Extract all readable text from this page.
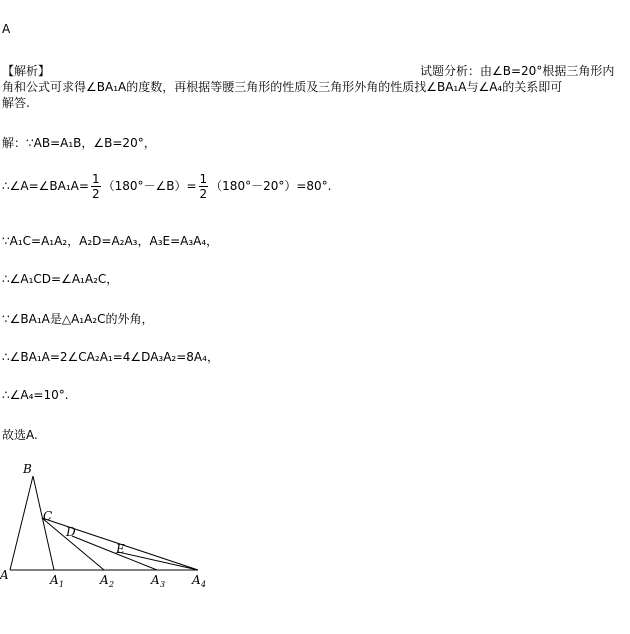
A
【解析】	试题分析：由∠B=20°根据三角形内
角和公式可求得∠BA₁A的度数，再根据等腰三角形的性质及三角形外角的性质找∠BA₁A与∠A₄的关系即可
解答.
解：∵AB=A₁B，∠B=20°，
∴∠A=∠BA₁A= $\frac{1}{2}$ （180°－∠B）= $\frac{1}{2} (180^\circ-20^\circ)=80^\circ$.
∵A₁C=A₁A₂，A₂D=A₂A₃，A₃E=A₃A₄，
∴∠A₁CD=∠A₁A₂C，
∵∠BA₁A是△A₁A₂C的外角，
∴∠BA₁A=2∠CA₂A₁=4∠DA₃A₂=8A₄，
∴∠A₄=10°.
故选A.
B
C
D
E
A	A 1	A 2	A 3 A 4
